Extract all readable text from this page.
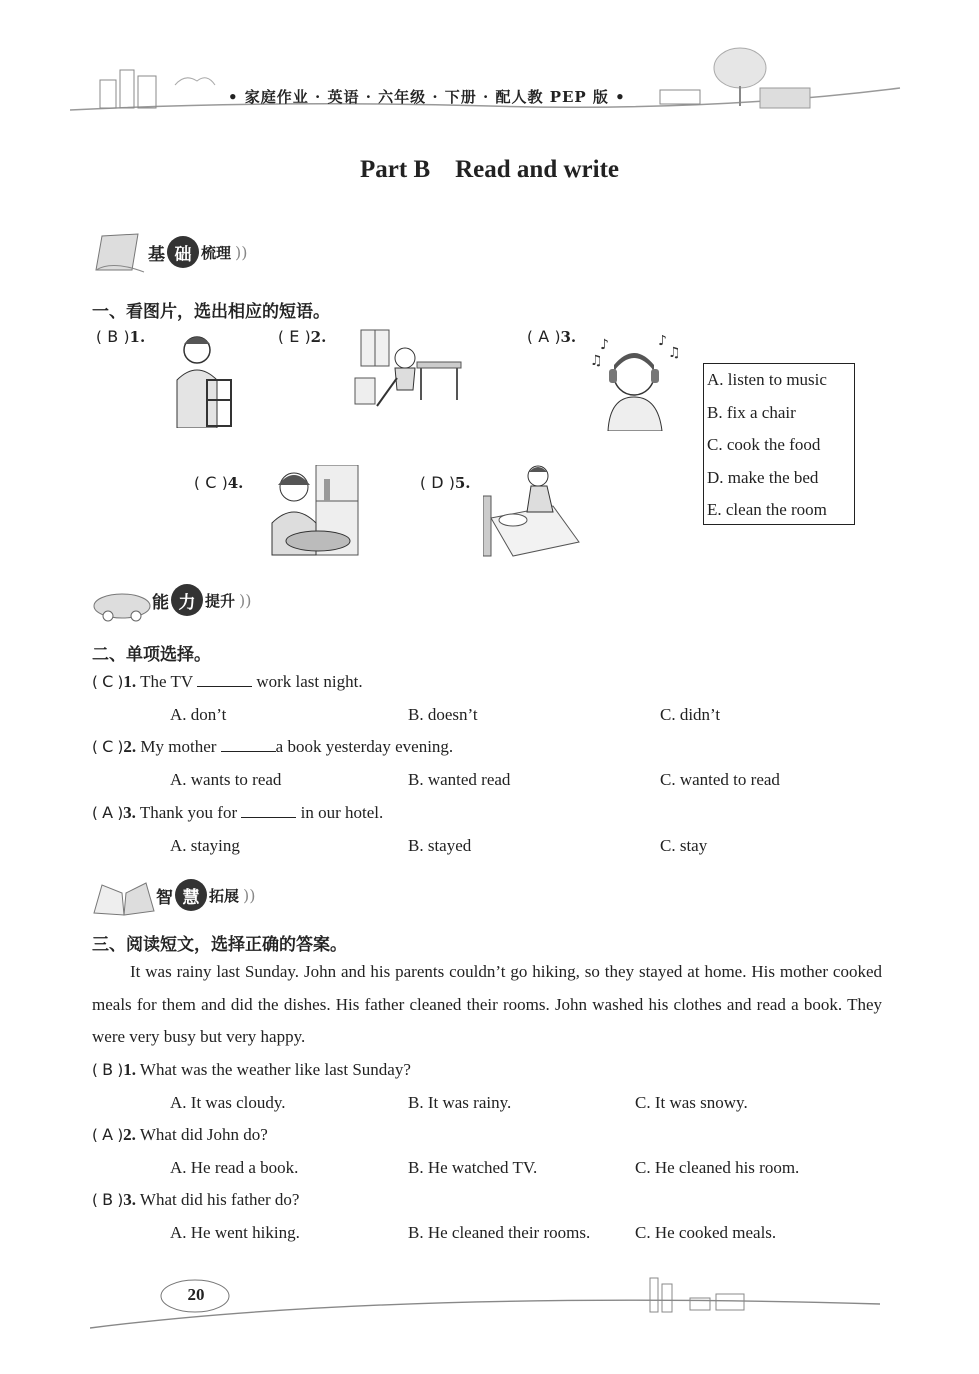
• 家庭作业 · 英语 · 六年级 · 下册 · 配人教 PEP 版 •
Part B    Read and write
基 础 梳理 ))
一、看图片，选出相应的短语。
( B )1.	( E )2.	( A )3.
( C )4.	( D )5.
♪	♪
♫
♫
A. listen to music
B. fix a chair
C. cook the food
D. make the bed
E. clean the room
能 力 提升 ))
二、单项选择。
( C )1. The TV	work last night.
A. don’t	B. doesn’t	C. didn’t
( C )2. My mother	a book yesterday evening.
A. wants to read	B. wanted read	C. wanted to read
( A )3. Thank you for	in our hotel.
A. staying	B. stayed	C. stay
智 慧 拓展 ))
三、阅读短文，选择正确的答案。

It was rainy last Sunday. John and his parents couldn’t go hiking, so they stayed at home. His mother cooked meals for them and did the dishes. His father cleaned their rooms. John washed his clothes and read a book. They were very busy but very happy.

( B )1. What was the weather like last Sunday?
A. It was cloudy.	B. It was rainy.	C. It was snowy.
( A )2. What did John do?
A. He read a book.	B. He watched TV.	C. He cleaned his room.
( B )3. What did his father do?
A. He went hiking.	B. He cleaned their rooms.	C. He cooked meals.
20
